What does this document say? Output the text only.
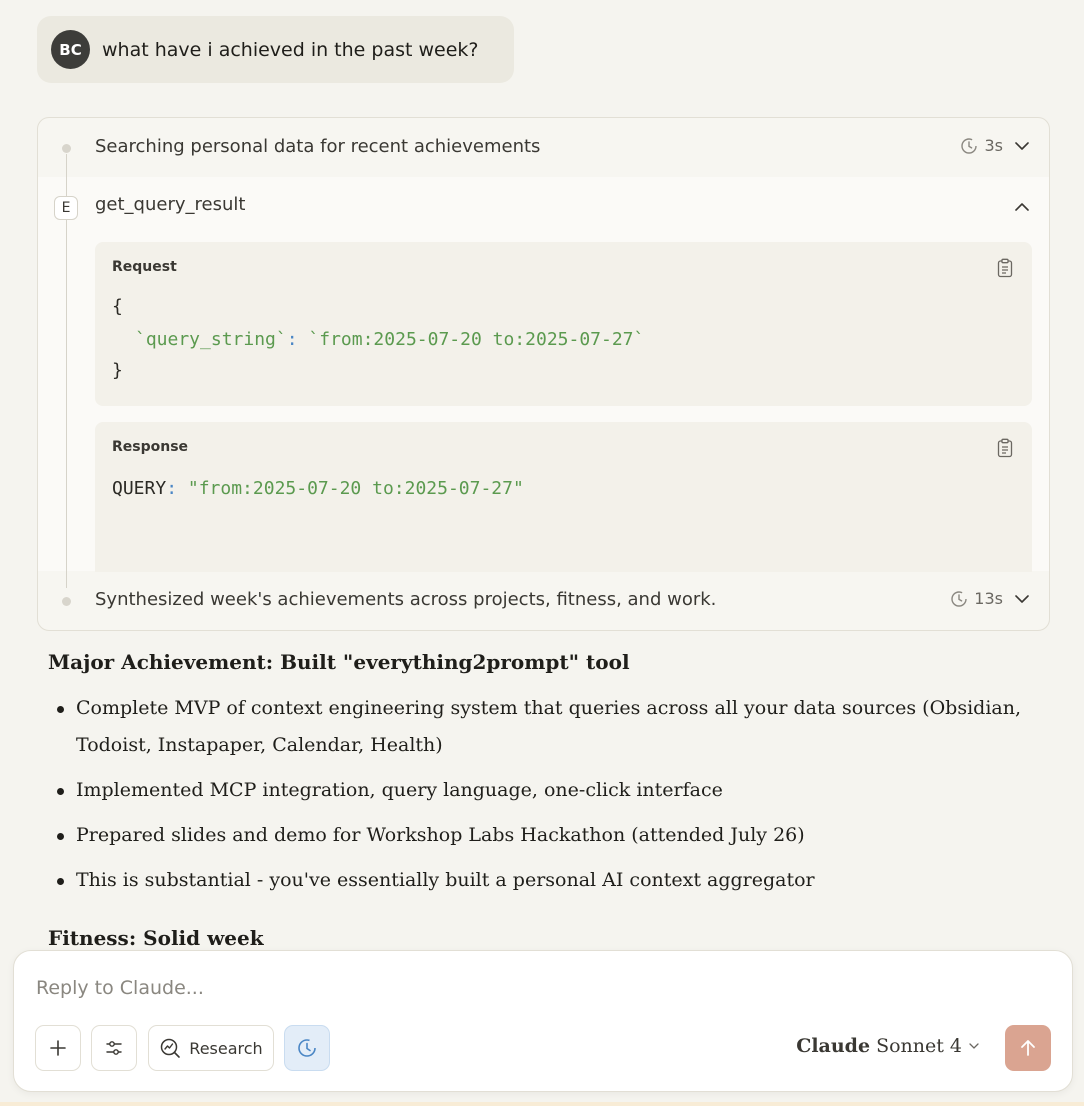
BC	what have i achieved in the past week?
Searching personal data for recent achievements	3s
E	get_query_result
Request
{
`query_string`: `from:2025-07-20 to:2025-07-27`
}
Response
QUERY: "from:2025-07-20 to:2025-07-27"
Synthesized week's achievements across projects, fitness, and work.	13s
Major Achievement: Built "everything2prompt" tool
Complete MVP of context engineering system that queries across all your data sources (Obsidian, Todoist, Instapaper, Calendar, Health)
Implemented MCP integration, query language, one-click interface
Prepared slides and demo for Workshop Labs Hackathon (attended July 26)
This is substantial - you've essentially built a personal AI context aggregator
Fitness: Solid week
Reply to Claude...
Research	Claude Sonnet 4
